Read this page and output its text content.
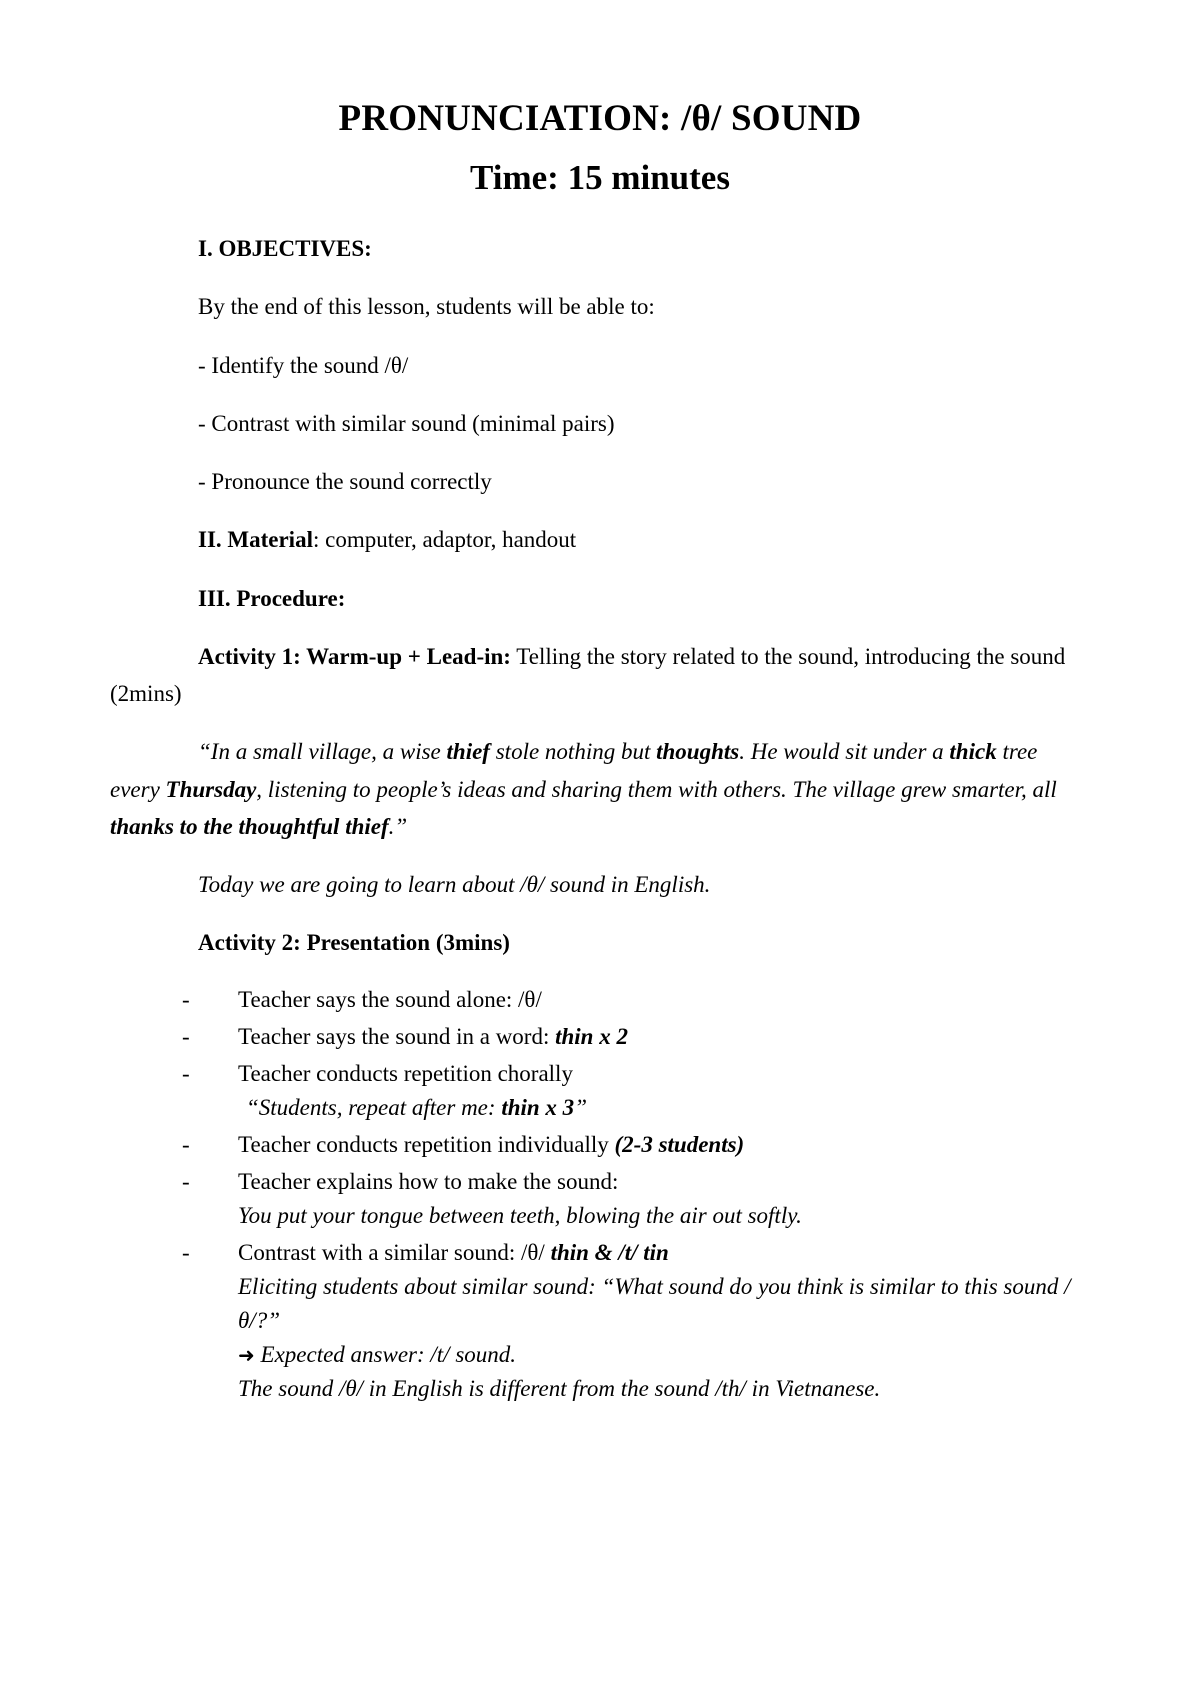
PRONUNCIATION: /θ/ SOUND
Time: 15 minutes

I. OBJECTIVES:

By the end of this lesson, students will be able to:

- Identify the sound /θ/

- Contrast with similar sound (minimal pairs)

- Pronounce the sound correctly

II. Material: computer, adaptor, handout

III. Procedure:

Activity 1: Warm-up + Lead-in: Telling the story related to the sound, introducing the sound (2mins)

“In a small village, a wise thief stole nothing but thoughts. He would sit under a thick tree every Thursday, listening to people’s ideas and sharing them with others. The village grew smarter, all thanks to the thoughtful thief.”

Today we are going to learn about /θ/ sound in English.

Activity 2: Presentation (3mins)

- Teacher says the sound alone: /θ/
- Teacher says the sound in a word: thin x 2
- Teacher conducts repetition chorally
“Students, repeat after me: thin x 3”
- Teacher conducts repetition individually (2-3 students)
- Teacher explains how to make the sound:
You put your tongue between teeth, blowing the air out softly.
- Contrast with a similar sound: /θ/ thin & /t/ tin
Eliciting students about similar sound: “What sound do you think is similar to this sound /θ/?”
➜ Expected answer: /t/ sound.
The sound /θ/ in English is different from the sound /th/ in Vietnanese.
